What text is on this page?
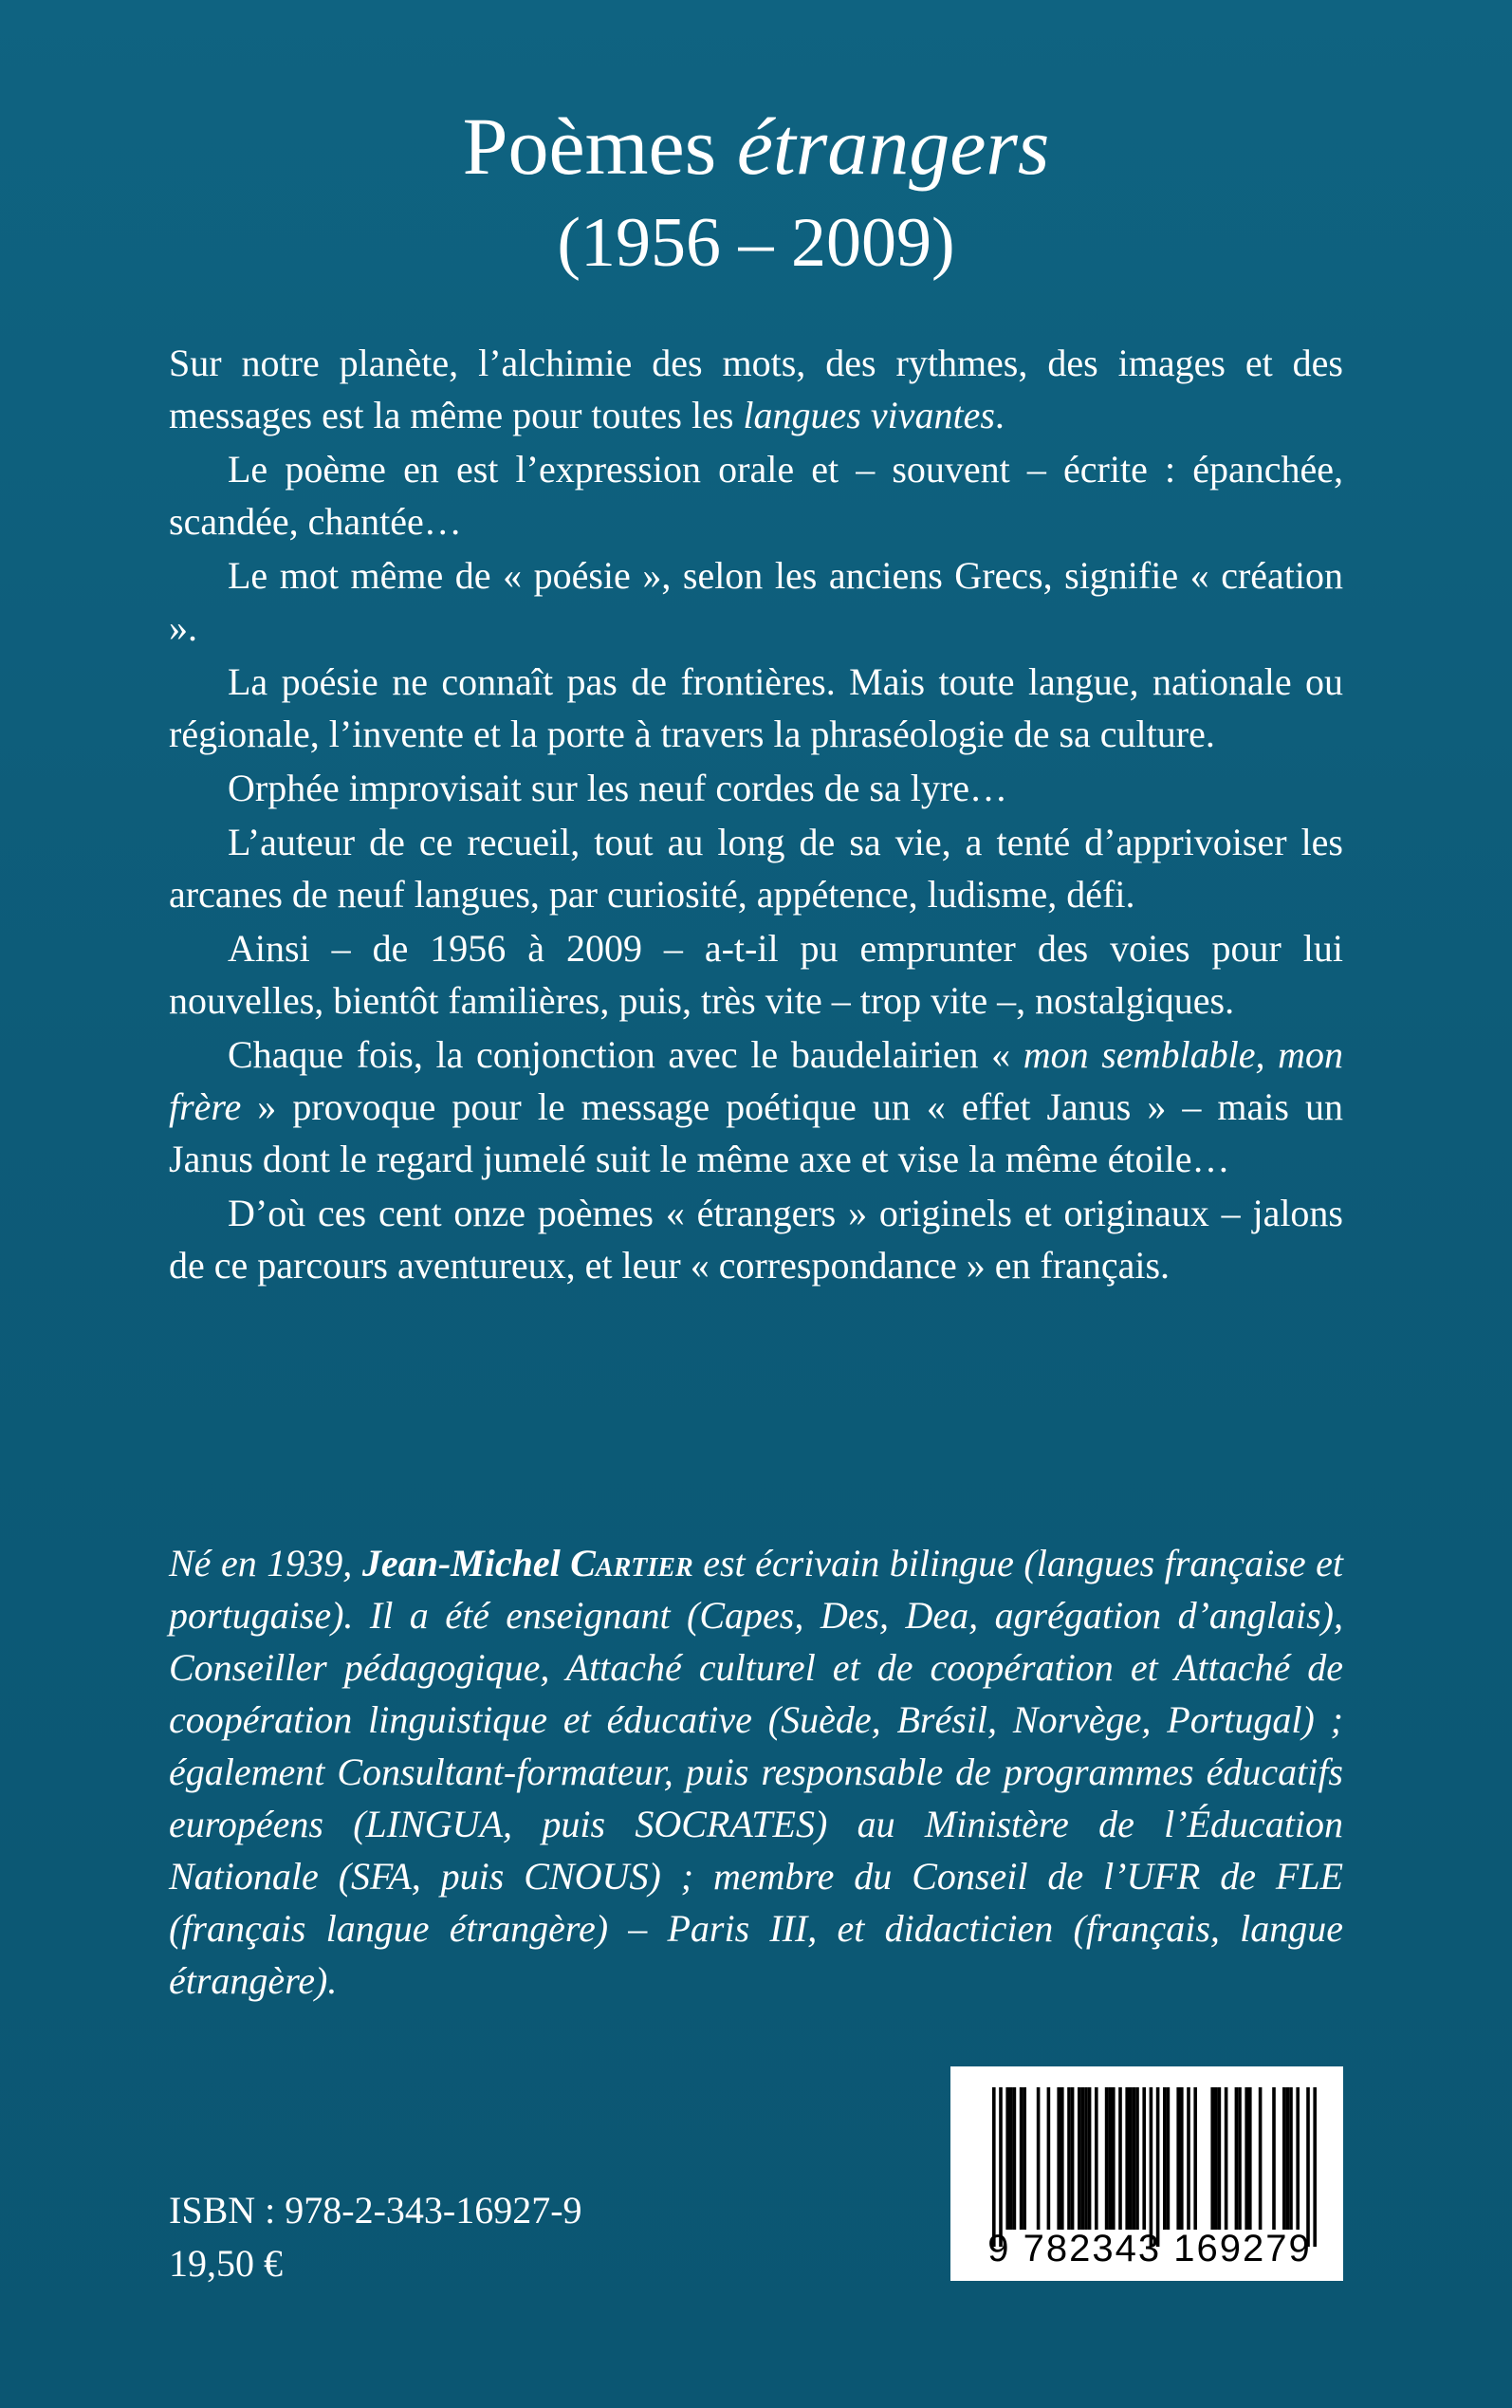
Poèmes étrangers
(1956 – 2009)

Sur notre planète, l’alchimie des mots, des rythmes, des images et des messages est la même pour toutes les langues vivantes.

Le poème en est l’expression orale et – souvent – écrite : épanchée, scandée, chantée…

Le mot même de « poésie », selon les anciens Grecs, signifie « création ».

La poésie ne connaît pas de frontières. Mais toute langue, nationale ou régionale, l’invente et la porte à travers la phraséologie de sa culture.

Orphée improvisait sur les neuf cordes de sa lyre…

L’auteur de ce recueil, tout au long de sa vie, a tenté d’apprivoiser les arcanes de neuf langues, par curiosité, appétence, ludisme, défi.

Ainsi – de 1956 à 2009 – a-t-il pu emprunter des voies pour lui nouvelles, bientôt familières, puis, très vite – trop vite –, nostalgiques.

Chaque fois, la conjonction avec le baudelairien « mon semblable, mon frère » provoque pour le message poétique un « effet Janus » – mais un Janus dont le regard jumelé suit le même axe et vise la même étoile…

D’où ces cent onze poèmes « étrangers » originels et originaux – jalons de ce parcours aventureux, et leur « correspondance » en français.

Né en 1939, Jean-Michel Cartier est écrivain bilingue (langues française et portugaise). Il a été enseignant (Capes, Des, Dea, agrégation d’anglais), Conseiller pédagogique, Attaché culturel et de coopération et Attaché de coopération linguistique et éducative (Suède, Brésil, Norvège, Portugal) ; également Consultant-formateur, puis responsable de programmes éducatifs européens (LINGUA, puis SOCRATES) au Ministère de l’Éducation Nationale (SFA, puis CNOUS) ; membre du Conseil de l’UFR de FLE (français langue étrangère) – Paris III, et didacticien (français, langue étrangère).
ISBN : 978-2-343-16927-9
19,50 €	9 782343 169279
